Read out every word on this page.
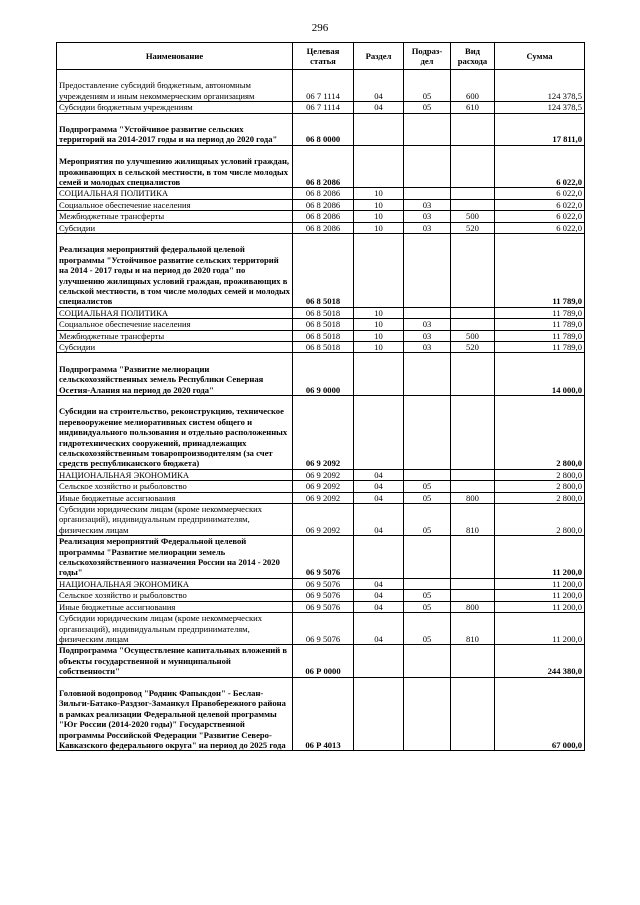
296
Наименование	Целевая статья	Раздел	Подраз-дел	Вид расхода	Сумма
Предоставление субсидий бюджетным, автономным учреждениям и иным некоммерческим организациям	06 7 1114	04	05	600	124 378,5
Субсидии бюджетным учреждениям	06 7 1114	04	05	610	124 378,5
Подпрограмма "Устойчивое развитие сельских территорий на 2014-2017 годы и на период до 2020 года"	06 8 0000				17 811,0
Мероприятия по улучшению жилищных условий граждан, проживающих в сельской местности, в том числе молодых семей и молодых специалистов	06 8 2086				6 022,0
СОЦИАЛЬНАЯ ПОЛИТИКА	06 8 2086	10			6 022,0
Социальное обеспечение населения	06 8 2086	10	03		6 022,0
Межбюджетные трансферты	06 8 2086	10	03	500	6 022,0
Субсидии	06 8 2086	10	03	520	6 022,0
Реализация мероприятий федеральной целевой программы "Устойчивое развитие сельских территорий на 2014 - 2017 годы и на период до 2020 года" по улучшению жилищных условий граждан, проживающих в сельской местности, в том числе молодых семей и молодых специалистов	06 8 5018				11 789,0
СОЦИАЛЬНАЯ ПОЛИТИКА	06 8 5018	10			11 789,0
Социальное обеспечение населения	06 8 5018	10	03		11 789,0
Межбюджетные трансферты	06 8 5018	10	03	500	11 789,0
Субсидии	06 8 5018	10	03	520	11 789,0
Подпрограмма "Развитие мелиорации сельскохозяйственных земель Республики Северная Осетия-Алания на период до 2020 года"	06 9 0000				14 000,0
Субсидии на строительство, реконструкцию, техническое перевооружение мелиоративных систем общего и индивидуального пользования и отдельно расположенных гидротехнических сооружений, принадлежащих сельскохозяйственным товаропроизводителям (за счет средств республиканского бюджета)	06 9 2092				2 800,0
НАЦИОНАЛЬНАЯ ЭКОНОМИКА	06 9 2092	04			2 800,0
Сельское хозяйство и рыболовство	06 9 2092	04	05		2 800,0
Иные бюджетные ассигнования	06 9 2092	04	05	800	2 800,0
Субсидии юридическим лицам (кроме некоммерческих организаций), индивидуальным предпринимателям, физическим лицам	06 9 2092	04	05	810	2 800,0
Реализация мероприятий Федеральной целевой программы "Развитие мелиорации земель сельскохозяйственного назначения России на 2014 - 2020 годы"	06 9 5076				11 200,0
НАЦИОНАЛЬНАЯ ЭКОНОМИКА	06 9 5076	04			11 200,0
Сельское хозяйство и рыболовство	06 9 5076	04	05		11 200,0
Иные бюджетные ассигнования	06 9 5076	04	05	800	11 200,0
Субсидии юридическим лицам (кроме некоммерческих организаций), индивидуальным предпринимателям, физическим лицам	06 9 5076	04	05	810	11 200,0
Подпрограмма "Осуществление капитальных вложений в объекты государственной и муниципальной собственности"	06 Р 0000				244 380,0
Головной водопровод "Родник Фапыкдон" - Беслан-Зильги-Батако-Раздзог-Заманкул Правобережного района в рамках реализации Федеральной целевой программы "Юг России (2014-2020 годы)" Государственной программы Российской Федерации "Развитие Северо-Кавказского федерального округа" на период до 2025 года	06 Р 4013				67 000,0
